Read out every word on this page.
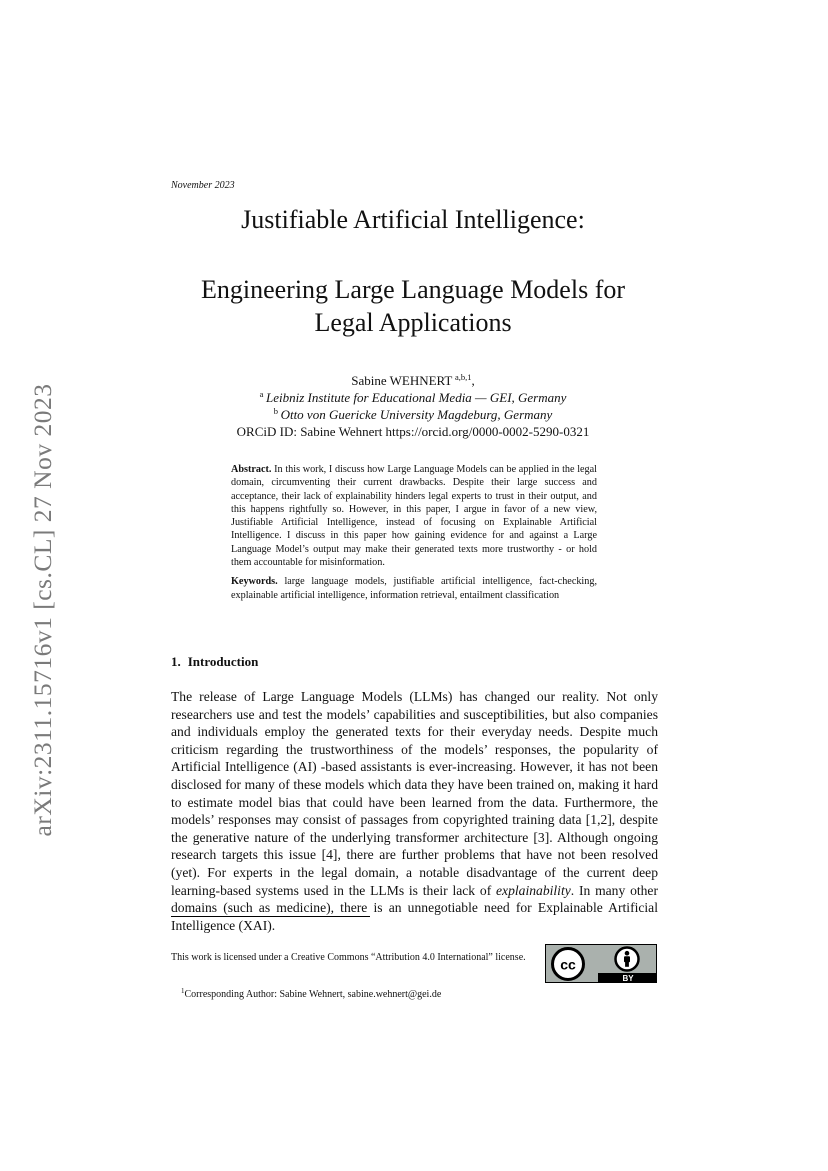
arXiv:2311.15716v1 [cs.CL] 27 Nov 2023
November 2023
Justifiable Artificial Intelligence:
Engineering Large Language Models for
Legal Applications
Sabine WEHNERT  $^{a,b,1}$,
$^a$  Leibniz Institute for Educational Media — GEI, Germany
$^b$  Otto von Guericke University Magdeburg, Germany
ORCiD ID: Sabine Wehnert https://orcid.org/0000-0002-5290-0321

Abstract. In this work, I discuss how Large Language Models can be applied in the legal domain, circumventing their current drawbacks. Despite their large success and acceptance, their lack of explainability hinders legal experts to trust in their output, and this happens rightfully so. However, in this paper, I argue in favor of a new view, Justifiable Artificial Intelligence, instead of focusing on Explainable Artificial Intelligence. I discuss in this paper how gaining evidence for and against a Large Language Model’s output may make their generated texts more trustworthy - or hold them accountable for misinformation.

Keywords. large language models, justifiable artificial intelligence, fact-checking, explainable artificial intelligence, information retrieval, entailment classification

1. Introduction

The release of Large Language Models (LLMs) has changed our reality. Not only researchers use and test the models’ capabilities and susceptibilities, but also companies and individuals employ the generated texts for their everyday needs. Despite much criticism regarding the trustworthiness of the models’ responses, the popularity of Artificial Intelligence (AI) -based assistants is ever-increasing. However, it has not been disclosed for many of these models which data they have been trained on, making it hard to estimate model bias that could have been learned from the data. Furthermore, the models’ responses may consist of passages from copyrighted training data [1,2], despite the generative nature of the underlying transformer architecture [3]. Although ongoing research targets this issue [4], there are further problems that have not been resolved (yet). For experts in the legal domain, a notable disadvantage of the current deep learning-based systems used in the LLMs is their lack of explainability. In many other domains (such as medicine), there is an unnegotiable need for Explainable Artificial Intelligence (XAI).

This work is licensed under a Creative Commons “Attribution 4.0 International” license.	cc
BY
$^1$Corresponding Author: Sabine Wehnert, sabine.wehnert@gei.de
